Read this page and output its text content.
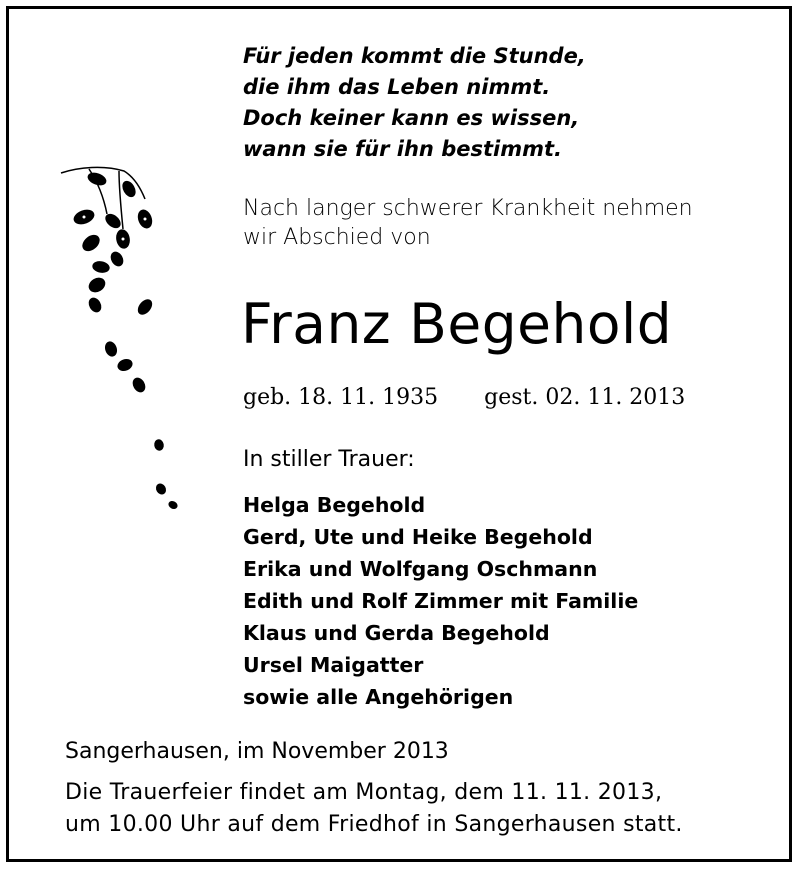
Für jeden kommt die Stunde,
die ihm das Leben nimmt.
Doch keiner kann es wissen,
wann sie für ihn bestimmt.
Nach langer schwerer Krankheit nehmen
wir Abschied von
Franz Begehold
geb. 18. 11. 1935 gest. 02. 11. 2013
In stiller Trauer:
Helga Begehold
Gerd, Ute und Heike Begehold
Erika und Wolfgang Oschmann
Edith und Rolf Zimmer mit Familie
Klaus und Gerda Begehold
Ursel Maigatter
sowie alle Angehörigen
Sangerhausen, im November 2013
Die Trauerfeier findet am Montag, dem 11. 11. 2013,
um 10.00 Uhr auf dem Friedhof in Sangerhausen statt.
